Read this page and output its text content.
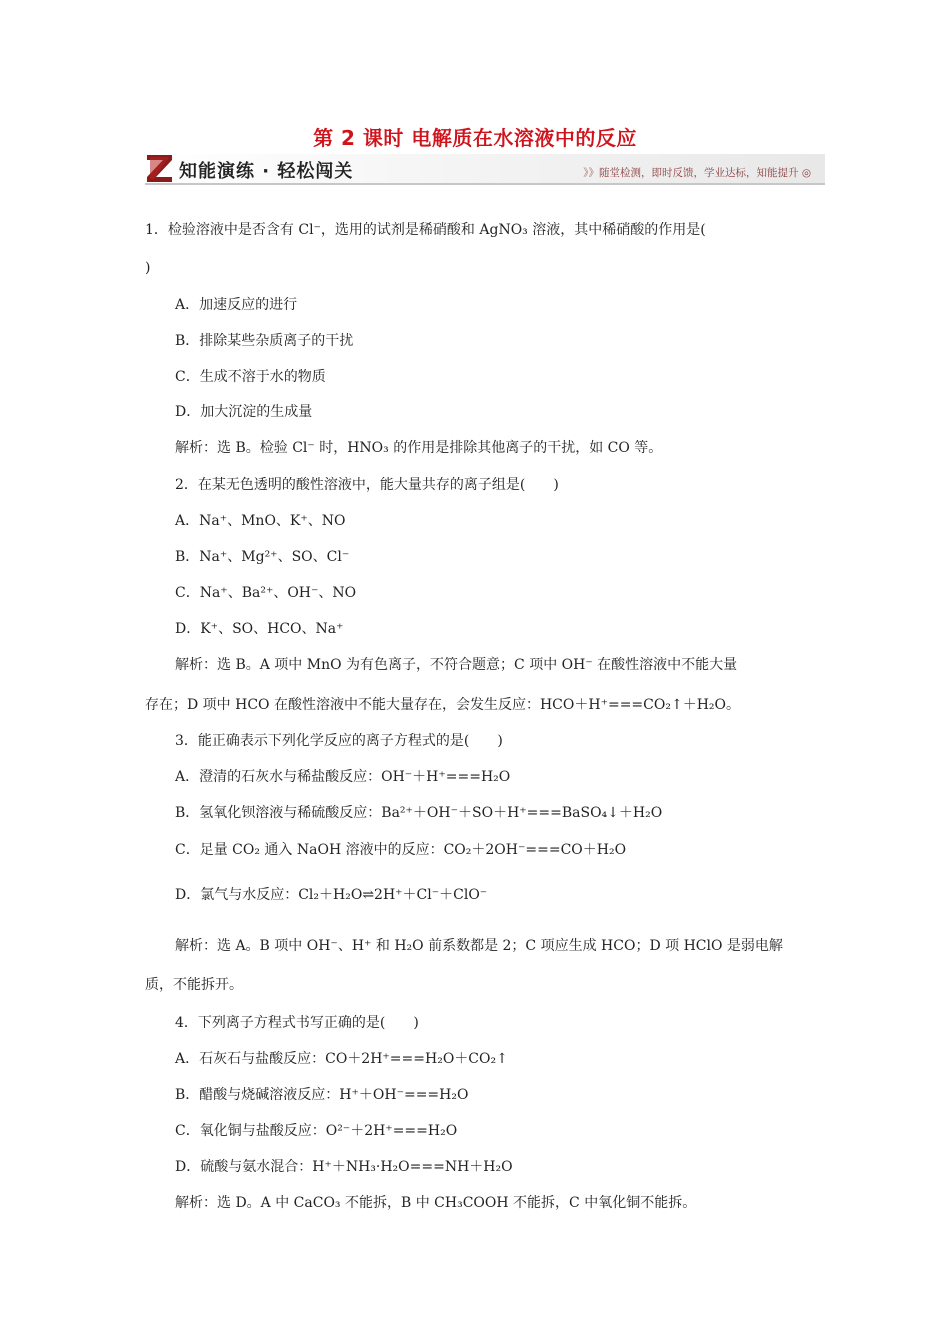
第 2 课时 电解质在水溶液中的反应
知能演练 · 轻松闯关	》》随堂检测，即时反馈，学业达标，知能提升 ◎
1．检验溶液中是否含有 Cl⁻，选用的试剂是稀硝酸和 AgNO₃ 溶液，其中稀硝酸的作用是(
)
A．加速反应的进行
B．排除某些杂质离子的干扰
C．生成不溶于水的物质
D．加大沉淀的生成量
解析：选 B。检验 Cl⁻ 时，HNO₃ 的作用是排除其他离子的干扰，如 CO 等。
2．在某无色透明的酸性溶液中，能大量共存的离子组是(　　)
A．Na⁺、MnO、K⁺、NO
B．Na⁺、Mg²⁺、SO、Cl⁻
C．Na⁺、Ba²⁺、OH⁻、NO
D．K⁺、SO、HCO、Na⁺
解析：选 B。A 项中 MnO 为有色离子，不符合题意；C 项中 OH⁻ 在酸性溶液中不能大量
存在；D 项中 HCO 在酸性溶液中不能大量存在，会发生反应：HCO＋H⁺===CO₂↑＋H₂O。
3．能正确表示下列化学反应的离子方程式的是(　　)
A．澄清的石灰水与稀盐酸反应：OH⁻＋H⁺===H₂O
B．氢氧化钡溶液与稀硫酸反应：Ba²⁺＋OH⁻＋SO＋H⁺===BaSO₄↓＋H₂O
C．足量 CO₂ 通入 NaOH 溶液中的反应：CO₂＋2OH⁻===CO＋H₂O
D．氯气与水反应：Cl₂＋H₂O⇌2H⁺＋Cl⁻＋ClO⁻
解析：选 A。B 项中 OH⁻、H⁺ 和 H₂O 前系数都是 2；C 项应生成 HCO；D 项 HClO 是弱电解
质，不能拆开。
4．下列离子方程式书写正确的是(　　)
A．石灰石与盐酸反应：CO＋2H⁺===H₂O＋CO₂↑
B．醋酸与烧碱溶液反应：H⁺＋OH⁻===H₂O
C．氧化铜与盐酸反应：O²⁻＋2H⁺===H₂O
D．硫酸与氨水混合：H⁺＋NH₃·H₂O===NH＋H₂O
解析：选 D。A 中 CaCO₃ 不能拆，B 中 CH₃COOH 不能拆，C 中氧化铜不能拆。
